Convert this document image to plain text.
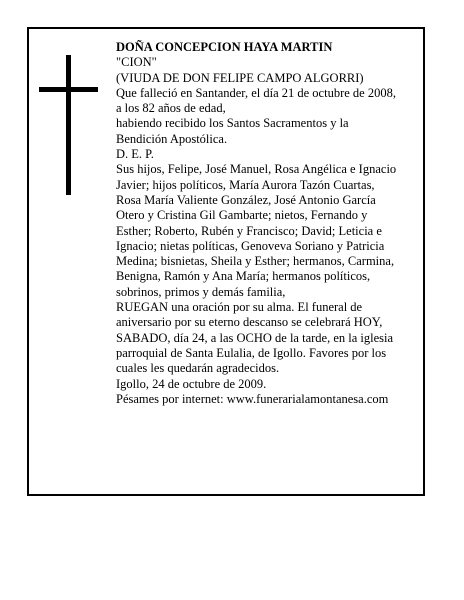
DOÑA CONCEPCION HAYA MARTIN
"CION"
(VIUDA DE DON FELIPE CAMPO ALGORRI)
Que falleció en Santander, el día 21 de octubre de 2008,
a los 82 años de edad,
habiendo recibido los Santos Sacramentos y la
Bendición Apostólica.
D. E. P.
Sus hijos, Felipe, José Manuel, Rosa Angélica e Ignacio
Javier; hijos políticos, María Aurora Tazón Cuartas,
Rosa María Valiente González, José Antonio García
Otero y Cristina Gil Gambarte; nietos, Fernando y
Esther; Roberto, Rubén y Francisco; David; Leticia e
Ignacio; nietas políticas, Genoveva Soriano y Patricia
Medina; bisnietas, Sheila y Esther; hermanos, Carmina,
Benigna, Ramón y Ana María; hermanos políticos,
sobrinos, primos y demás familia,
RUEGAN una oración por su alma. El funeral de
aniversario por su eterno descanso se celebrará HOY,
SABADO, día 24, a las OCHO de la tarde, en la iglesia
parroquial de Santa Eulalia, de Igollo. Favores por los
cuales les quedarán agradecidos.
Igollo, 24 de octubre de 2009.
Pésames por internet: www.funerarialamontanesa.com
